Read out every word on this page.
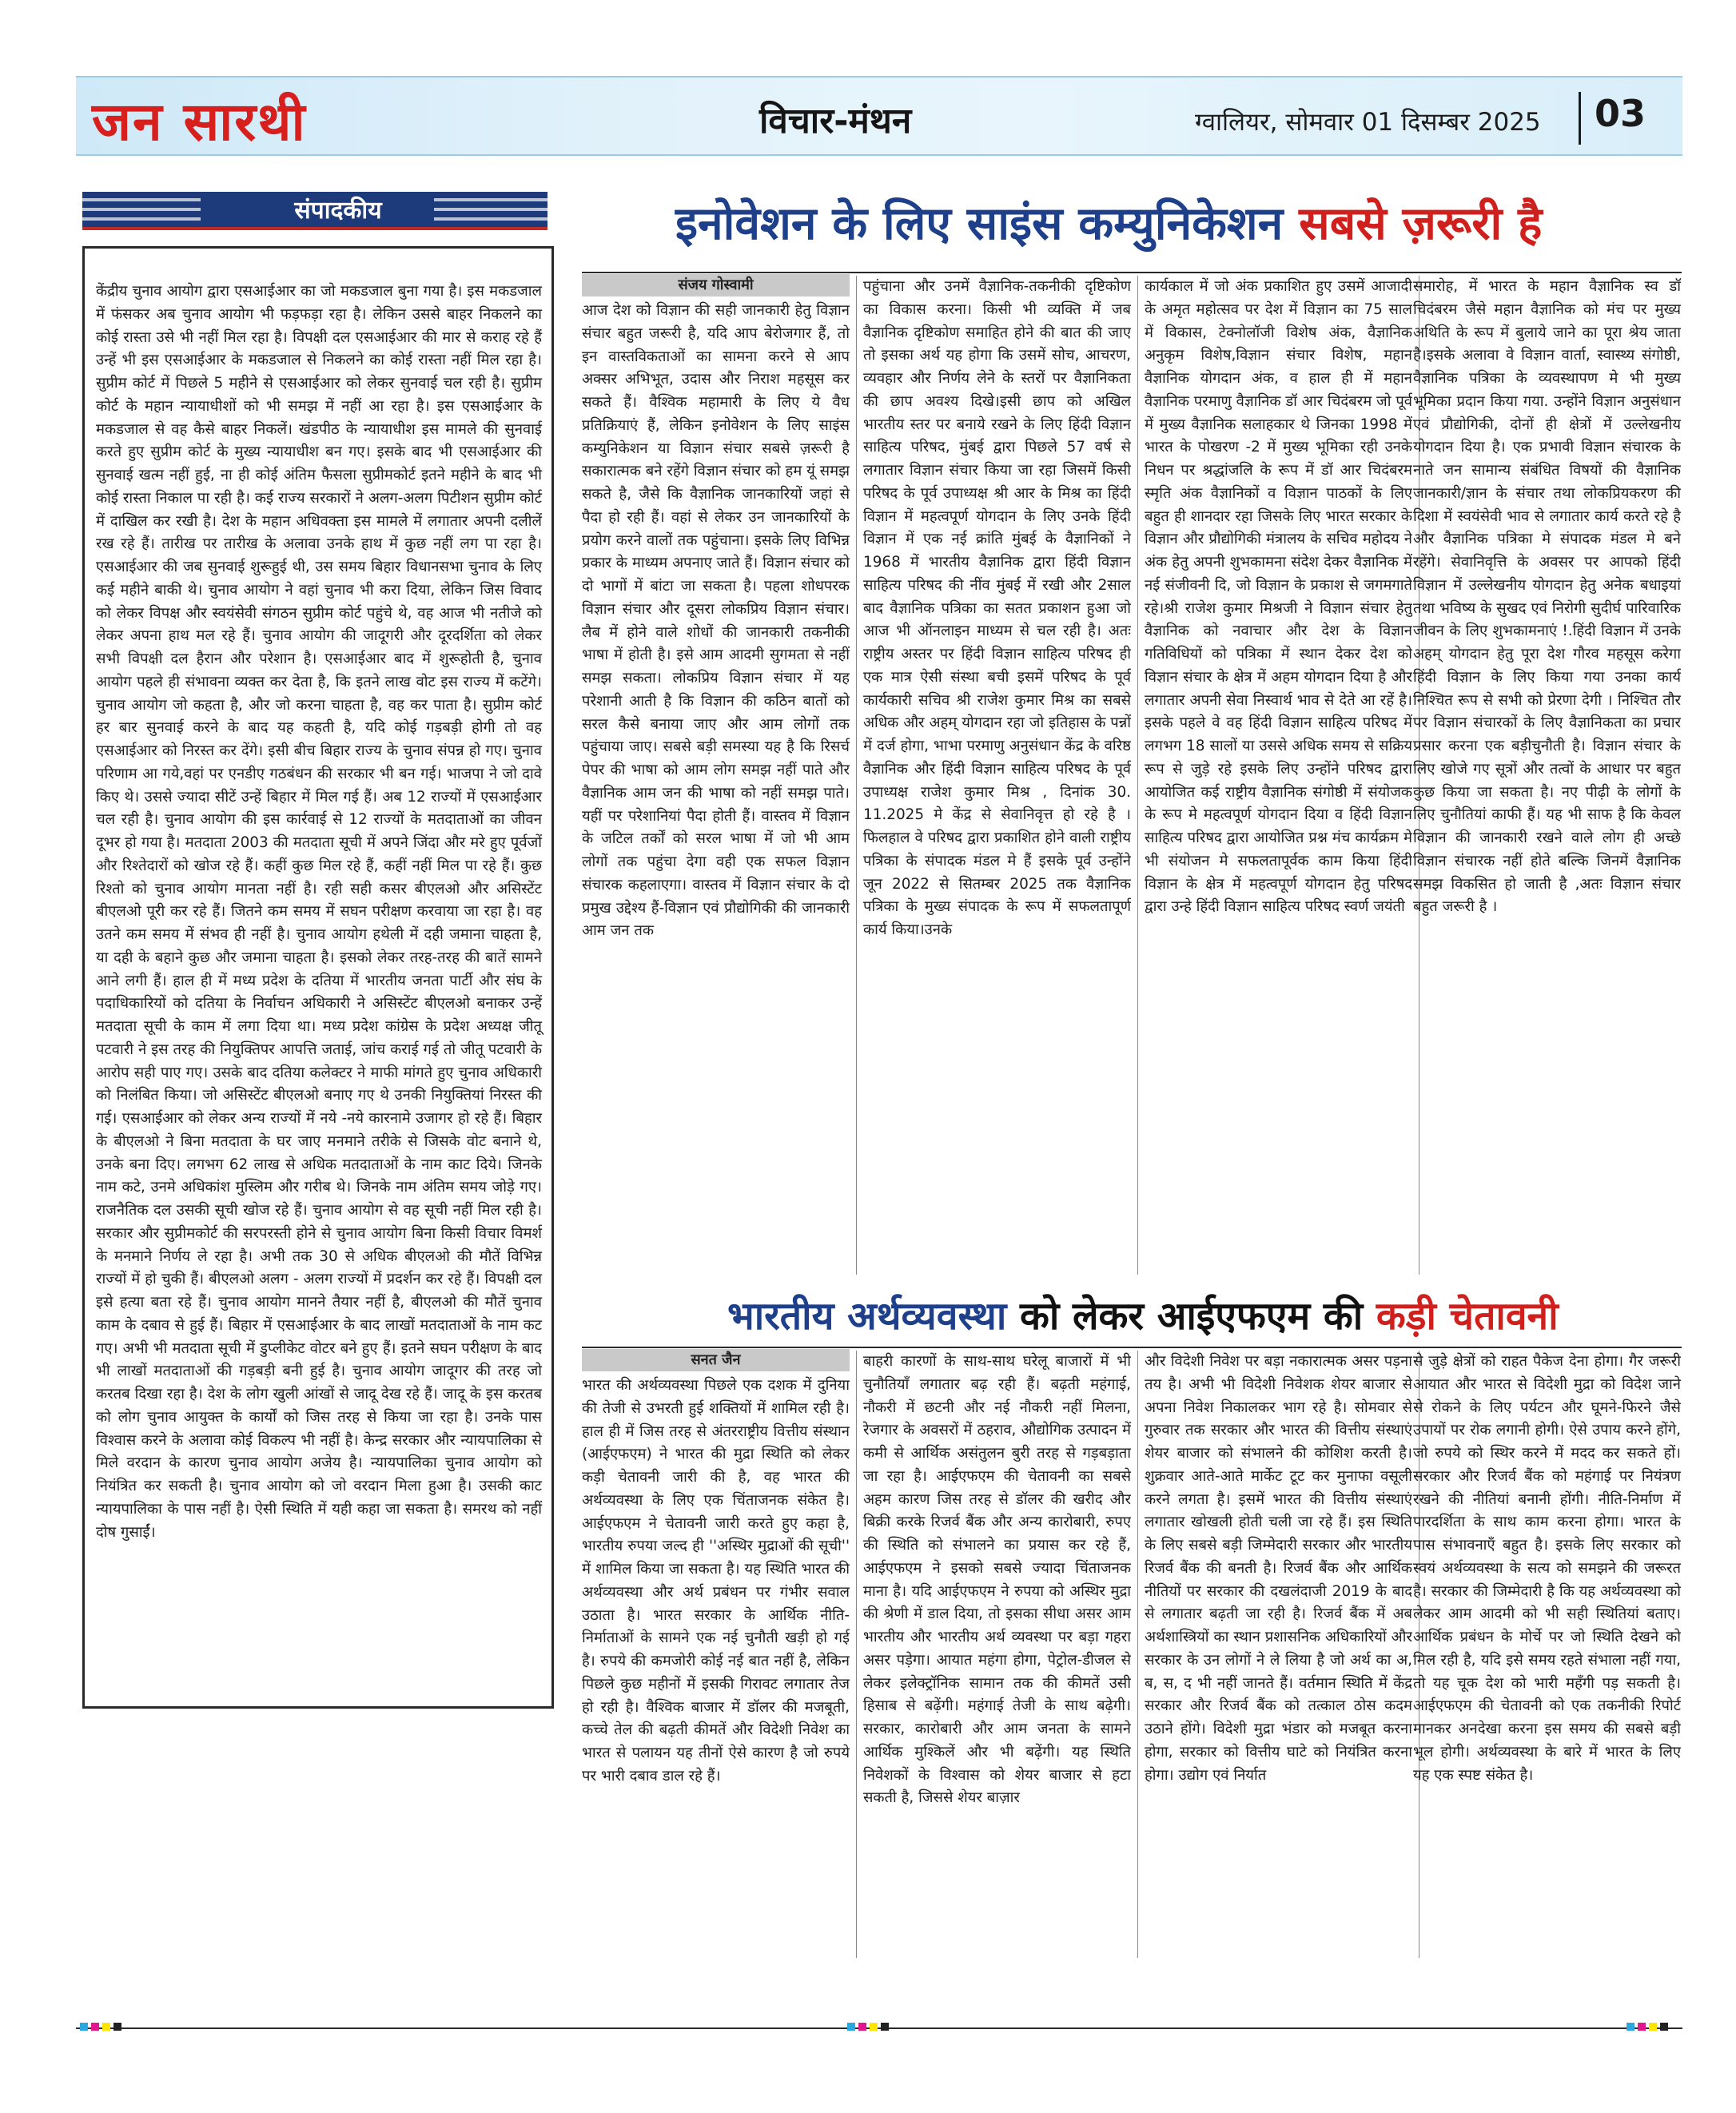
जन सारथी	विचार-मंथन	ग्वालियर, सोमवार 01 दिसम्बर 2025 03
संपादकीय

केंद्रीय चुनाव आयोग द्वारा एसआईआर का जो मकडजाल बुना गया है। इस मकडजाल में फंसकर अब चुनाव आयोग भी फड़फड़ा रहा है। लेकिन उससे बाहर निकलने का कोई रास्ता उसे भी नहीं मिल रहा है। विपक्षी दल एसआईआर की मार से कराह रहे हैं उन्हें भी इस एसआईआर के मकडजाल से निकलने का कोई रास्ता नहीं मिल रहा है। सुप्रीम कोर्ट में पिछले 5 महीने से एसआईआर को लेकर सुनवाई चल रही है। सुप्रीम कोर्ट के महान न्यायाधीशों को भी समझ में नहीं आ रहा है। इस एसआईआर के मकडजाल से वह कैसे बाहर निकलें। खंडपीठ के न्यायाधीश इस मामले की सुनवाई करते हुए सुप्रीम कोर्ट के मुख्य न्यायाधीश बन गए। इसके बाद भी एसआईआर की सुनवाई खत्म नहीं हुई, ना ही कोई अंतिम फैसला सुप्रीमकोर्ट इतने महीने के बाद भी कोई रास्ता निकाल पा रही है। कई राज्य सरकारों ने अलग-अलग पिटीशन सुप्रीम कोर्ट में दाखिल कर रखी है। देश के महान अधिवक्ता इस मामले में लगातार अपनी दलीलें रख रहे हैं। तारीख पर तारीख के अलावा उनके हाथ में कुछ नहीं लग पा रहा है। एसआईआर की जब सुनवाई शुरूहुई थी, उस समय बिहार विधानसभा चुनाव के लिए कई महीने बाकी थे। चुनाव आयोग ने वहां चुनाव भी करा दिया, लेकिन जिस विवाद को लेकर विपक्ष और स्वयंसेवी संगठन सुप्रीम कोर्ट पहुंचे थे, वह आज भी नतीजे को लेकर अपना हाथ मल रहे हैं। चुनाव आयोग की जादूगरी और दूरदर्शिता को लेकर सभी विपक्षी दल हैरान और परेशान है। एसआईआर बाद में शुरूहोती है, चुनाव आयोग पहले ही संभावना व्यक्त कर देता है, कि इतने लाख वोट इस राज्य में कटेंगे। चुनाव आयोग जो कहता है, और जो करना चाहता है, वह कर पाता है। सुप्रीम कोर्ट हर बार सुनवाई करने के बाद यह कहती है, यदि कोई गड़बड़ी होगी तो वह एसआईआर को निरस्त कर देंगे। इसी बीच बिहार राज्य के चुनाव संपन्न हो गए। चुनाव परिणाम आ गये,वहां पर एनडीए गठबंधन की सरकार भी बन गई। भाजपा ने जो दावे किए थे। उससे ज्यादा सीटें उन्हें बिहार में मिल गई हैं। अब 12 राज्यों में एसआईआर चल रही है। चुनाव आयोग की इस कार्रवाई से 12 राज्यों के मतदाताओं का जीवन दूभर हो गया है। मतदाता 2003 की मतदाता सूची में अपने जिंदा और मरे हुए पूर्वजों और रिश्तेदारों को खोज रहे हैं। कहीं कुछ मिल रहे हैं, कहीं नहीं मिल पा रहे हैं। कुछ रिश्तो को चुनाव आयोग मानता नहीं है। रही सही कसर बीएलओ और असिस्टेंट बीएलओ पूरी कर रहे हैं। जितने कम समय में सघन परीक्षण करवाया जा रहा है। वह उतने कम समय में संभव ही नहीं है। चुनाव आयोग हथेली में दही जमाना चाहता है, या दही के बहाने कुछ और जमाना चाहता है। इसको लेकर तरह-तरह की बातें सामने आने लगी हैं। हाल ही में मध्य प्रदेश के दतिया में भारतीय जनता पार्टी और संघ के पदाधिकारियों को दतिया के निर्वाचन अधिकारी ने असिस्टेंट बीएलओ बनाकर उन्हें मतदाता सूची के काम में लगा दिया था। मध्य प्रदेश कांग्रेस के प्रदेश अध्यक्ष जीतू पटवारी ने इस तरह की नियुक्तिपर आपत्ति जताई, जांच कराई गई तो जीतू पटवारी के आरोप सही पाए गए। उसके बाद दतिया कलेक्टर ने माफी मांगते हुए चुनाव अधिकारी को निलंबित किया। जो असिस्टेंट बीएलओ बनाए गए थे उनकी नियुक्तियां निरस्त की गई। एसआईआर को लेकर अन्य राज्यों में नये -नये कारनामे उजागर हो रहे हैं। बिहार के बीएलओ ने बिना मतदाता के घर जाए मनमाने तरीके से जिसके वोट बनाने थे, उनके बना दिए। लगभग 62 लाख से अधिक मतदाताओं के नाम काट दिये। जिनके नाम कटे, उनमे अधिकांश मुस्लिम और गरीब थे। जिनके नाम अंतिम समय जोड़े गए। राजनैतिक दल उसकी सूची खोज रहे हैं। चुनाव आयोग से वह सूची नहीं मिल रही है। सरकार और सुप्रीमकोर्ट की सरपरस्ती होने से चुनाव आयोग बिना किसी विचार विमर्श के मनमाने निर्णय ले रहा है। अभी तक 30 से अधिक बीएलओ की मौतें विभिन्न राज्यों में हो चुकी हैं। बीएलओ अलग - अलग राज्यों में प्रदर्शन कर रहे हैं। विपक्षी दल इसे हत्या बता रहे हैं। चुनाव आयोग मानने तैयार नहीं है, बीएलओ की मौतें चुनाव काम के दबाव से हुई हैं। बिहार में एसआईआर के बाद लाखों मतदाताओं के नाम कट गए। अभी भी मतदाता सूची में डुप्लीकेट वोटर बने हुए हैं। इतने सघन परीक्षण के बाद भी लाखों मतदाताओं की गड़बड़ी बनी हुई है। चुनाव आयोग जादूगर की तरह जो करतब दिखा रहा है। देश के लोग खुली आंखों से जादू देख रहे हैं। जादू के इस करतब को लोग चुनाव आयुक्त के कार्यों को जिस तरह से किया जा रहा है। उनके पास विश्वास करने के अलावा कोई विकल्प भी नहीं है। केन्द्र सरकार और न्यायपालिका से मिले वरदान के कारण चुनाव आयोग अजेय है। न्यायपालिका चुनाव आयोग को नियंत्रित कर सकती है। चुनाव आयोग को जो वरदान मिला हुआ है। उसकी काट न्यायपालिका के पास नहीं है। ऐसी स्थिति में यही कहा जा सकता है। समरथ को नहीं दोष गुसाईं।

इनोवेशन के लिए साइंस कम्युनिकेशन सबसे ज़रूरी है
संजय गोस्वामी
आज देश को विज्ञान की सही जानकारी हेतु विज्ञान संचार बहुत जरूरी है, यदि आप बेरोजगार हैं, तो इन वास्तविकताओं का सामना करने से आप अक्सर अभिभूत, उदास और निराश महसूस कर सकते हैं। वैश्विक महामारी के लिए ये वैध प्रतिक्रियाएं हैं, लेकिन इनोवेशन के लिए साइंस कम्युनिकेशन या विज्ञान संचार सबसे ज़रूरी है सकारात्मक बने रहेंगे विज्ञान संचार को हम यूं समझ सकते है, जैसे कि वैज्ञानिक जानकारियों जहां से पैदा हो रही हैं। वहां से लेकर उन जानकारियों के प्रयोग करने वालों तक पहुंचाना। इसके लिए विभिन्न प्रकार के माध्यम अपनाए जाते हैं। विज्ञान संचार को दो भागों में बांटा जा सकता है। पहला शोधपरक विज्ञान संचार और दूसरा लोकप्रिय विज्ञान संचार। लैब में होने वाले शोधों की जानकारी तकनीकी भाषा में होती है। इसे आम आदमी सुगमता से नहीं समझ सकता। लोकप्रिय विज्ञान संचार में यह परेशानी आती है कि विज्ञान की कठिन बातों को सरल कैसे बनाया जाए और आम लोगों तक पहुंचाया जाए। सबसे बड़ी समस्या यह है कि रिसर्च पेपर की भाषा को आम लोग समझ नहीं पाते और वैज्ञानिक आम जन की भाषा को नहीं समझ पाते। यहीं पर परेशानियां पैदा होती हैं। वास्तव में विज्ञान के जटिल तर्कों को सरल भाषा में जो भी आम लोगों तक पहुंचा देगा वही एक सफल विज्ञान संचारक कहलाएगा। वास्तव में विज्ञान संचार के दो प्रमुख उद्देश्य हैं-विज्ञान एवं प्रौद्योगिकी की जानकारी आम जन तक
पहुंचाना और उनमें वैज्ञानिक-तकनीकी दृष्टिकोण का विकास करना। किसी भी व्यक्ति में जब वैज्ञानिक दृष्टिकोण समाहित होने की बात की जाए तो इसका अर्थ यह होगा कि उसमें सोच, आचरण, व्यवहार और निर्णय लेने के स्तरों पर वैज्ञानिकता की छाप अवश्य दिखे।इसी छाप को अखिल भारतीय स्तर पर बनाये रखने के लिए हिंदी विज्ञान साहित्य परिषद, मुंबई द्वारा पिछले 57 वर्ष से लगातार विज्ञान संचार किया जा रहा जिसमें किसी परिषद के पूर्व उपाध्यक्ष श्री आर के मिश्र का हिंदी विज्ञान में महत्वपूर्ण योगदान के लिए उनके हिंदी विज्ञान में एक नई क्रांति मुंबई के वैज्ञानिकों ने 1968 में भारतीय वैज्ञानिक द्वारा हिंदी विज्ञान साहित्य परिषद की नींव मुंबई में रखी और 2साल बाद वैज्ञानिक पत्रिका का सतत प्रकाशन हुआ जो आज भी ऑनलाइन माध्यम से चल रही है। अतः राष्ट्रीय अस्तर पर हिंदी विज्ञान साहित्य परिषद ही एक मात्र ऐसी संस्था बची इसमें परिषद के पूर्व कार्यकारी सचिव श्री राजेश कुमार मिश्र का सबसे अधिक और अहम् योगदान रहा जो इतिहास के पन्नों में दर्ज होगा, भाभा परमाणु अनुसंधान केंद्र के वरिष्ठ वैज्ञानिक और हिंदी विज्ञान साहित्य परिषद के पूर्व उपाध्यक्ष राजेश कुमार मिश्र , दिनांक 30. 11.2025 मे केंद्र से सेवानिवृत्त हो रहे है । फिलहाल वे परिषद द्वारा प्रकाशित होने वाली राष्ट्रीय पत्रिका के संपादक मंडल मे हैं इसके पूर्व उन्होंने जून 2022 से सितम्बर 2025 तक वैज्ञानिक पत्रिका के मुख्य संपादक के रूप में सफलतापूर्ण कार्य किया।उनके
कार्यकाल में जो अंक प्रकाशित हुए उसमें आजादी के अमृत महोत्सव पर देश में विज्ञान का 75 साल में विकास, टेक्नोलॉजी विशेष अंक, वैज्ञानिक अनुकृम विशेष,विज्ञान संचार विशेष, महान वैज्ञानिक योगदान अंक, व हाल ही में महान वैज्ञानिक परमाणु वैज्ञानिक डॉ आर चिदंबरम जो पूर्व में मुख्य वैज्ञानिक सलाहकार थे जिनका 1998 में भारत के पोखरण -2 में मुख्य भूमिका रही उनके निधन पर श्रद्धांजलि के रूप में डॉ आर चिदंबरम स्मृति अंक वैज्ञानिकों व विज्ञान पाठकों के लिए बहुत ही शानदार रहा जिसके लिए भारत सरकार के विज्ञान और प्रौद्योगिकी मंत्रालय के सचिव महोदय ने अंक हेतु अपनी शुभकामना संदेश देकर वैज्ञानिक में नई संजीवनी दि, जो विज्ञान के प्रकाश से जगमगाते रहे।श्री राजेश कुमार मिश्रजी ने विज्ञान संचार हेतु वैज्ञानिक को नवाचार और देश के विज्ञान गतिविधियों को पत्रिका में स्थान देकर देश को विज्ञान संचार के क्षेत्र में अहम योगदान दिया है और लगातार अपनी सेवा निस्वार्थ भाव से देते आ रहें है।इसके पहले वे वह हिंदी विज्ञान साहित्य परिषद में लगभग 18 सालों या उससे अधिक समय से सक्रिय रूप से जुड़े रहे इसके लिए उन्होंने परिषद द्वारा आयोजित कई राष्ट्रीय वैज्ञानिक संगोष्ठी में संयोजक के रूप मे महत्वपूर्ण योगदान दिया व हिंदी विज्ञान साहित्य परिषद द्वारा आयोजित प्रश्न मंच कार्यक्रम मे भी संयोजन मे सफलतापूर्वक काम किया हिंदी विज्ञान के क्षेत्र में महत्वपूर्ण योगदान हेतु परिषद द्वारा उन्हे हिंदी विज्ञान साहित्य परिषद स्वर्ण जयंती
समारोह, में भारत के महान वैज्ञानिक स्व डॉ चिदंबरम जैसे महान वैज्ञानिक को मंच पर मुख्य अथिति के रूप में बुलाये जाने का पूरा श्रेय जाता है।इसके अलावा वे विज्ञान वार्ता, स्वास्थ्य संगोष्ठी, वैज्ञानिक पत्रिका के व्यवस्थापण मे भी मुख्य भूमिका प्रदान किया गया. उन्होंने विज्ञान अनुसंधान एवं प्रौद्योगिकी, दोनों ही क्षेत्रों में उल्लेखनीय योगदान दिया है। एक प्रभावी विज्ञान संचारक के नाते जन सामान्य संबंधित विषयों की वैज्ञानिक जानकारी/ज्ञान के संचार तथा लोकप्रियकरण की दिशा में स्वयंसेवी भाव से लगातार कार्य करते रहे है और वैज्ञानिक पत्रिका मे संपादक मंडल मे बने रहेंगे। सेवानिवृत्ति के अवसर पर आपको हिंदी विज्ञान में उल्लेखनीय योगदान हेतु अनेक बधाइयां तथा भविष्य के सुखद एवं निरोगी सुदीर्घ पारिवारिक जीवन के लिए शुभकामनाएं !.हिंदी विज्ञान में उनके अहम् योगदान हेतु पूरा देश गौरव महसूस करेगा हिंदी विज्ञान के लिए किया गया उनका कार्य निश्चित रूप से सभी को प्रेरणा देगी । निश्चित तौर पर विज्ञान संचारकों के लिए वैज्ञानिकता का प्रचार प्रसार करना एक बड़ीचुनौती है। विज्ञान संचार के लिए खोजे गए सूत्रों और तत्वों के आधार पर बहुत कुछ किया जा सकता है। नए पीढ़ी के लोगों के लिए चुनौतियां काफी हैं। यह भी साफ है कि केवल विज्ञान की जानकारी रखने वाले लोग ही अच्छे विज्ञान संचारक नहीं होते बल्कि जिनमें वैज्ञानिक समझ विकसित हो जाती है ,अतः विज्ञान संचार बहुत जरूरी है ।
भारतीय अर्थव्यवस्था को लेकर आईएफएम की कड़ी चेतावनी
सनत जैन
भारत की अर्थव्यवस्था पिछले एक दशक में दुनिया की तेजी से उभरती हुई शक्तियों में शामिल रही है। हाल ही में जिस तरह से अंतरराष्ट्रीय वित्तीय संस्थान (आईएफएम) ने भारत की मुद्रा स्थिति को लेकर कड़ी चेतावनी जारी की है, वह भारत की अर्थव्यवस्था के लिए एक चिंताजनक संकेत है। आईएफएम ने चेतावनी जारी करते हुए कहा है, भारतीय रुपया जल्द ही ''अस्थिर मुद्राओं की सूची'' में शामिल किया जा सकता है। यह स्थिति भारत की अर्थव्यवस्था और अर्थ प्रबंधन पर गंभीर सवाल उठाता है। भारत सरकार के आर्थिक नीति-निर्माताओं के सामने एक नई चुनौती खड़ी हो गई है। रुपये की कमजोरी कोई नई बात नहीं है, लेकिन पिछले कुछ महीनों में इसकी गिरावट लगातार तेज हो रही है। वैश्विक बाजार में डॉलर की मजबूती, कच्चे तेल की बढ़ती कीमतें और विदेशी निवेश का भारत से पलायन यह तीनों ऐसे कारण है जो रुपये पर भारी दबाव डाल रहे हैं।
बाहरी कारणों के साथ-साथ घरेलू बाजारों में भी चुनौतियाँ लगातार बढ़ रही हैं। बढ़ती महंगाई, नौकरी में छटनी और नई नौकरी नहीं मिलना, रेजगार के अवसरों में ठहराव, औद्योगिक उत्पादन में कमी से आर्थिक असंतुलन बुरी तरह से गड़बड़ाता जा रहा है। आईएफएम की चेतावनी का सबसे अहम कारण जिस तरह से डॉलर की खरीद और बिक्री करके रिजर्व बैंक और अन्य कारोबारी, रुपए की स्थिति को संभालने का प्रयास कर रहे हैं, आईएफएम ने इसको सबसे ज्यादा चिंताजनक माना है। यदि आईएफएम ने रुपया को अस्थिर मुद्रा की श्रेणी में डाल दिया, तो इसका सीधा असर आम भारतीय और भारतीय अर्थ व्यवस्था पर बड़ा गहरा असर पड़ेगा। आयात महंगा होगा, पेट्रोल-डीजल से लेकर इलेक्ट्रॉनिक सामान तक की कीमतें उसी हिसाब से बढ़ेंगी। महंगाई तेजी के साथ बढ़ेगी। सरकार, कारोबारी और आम जनता के सामने आर्थिक मुश्किलें और भी बढ़ेंगी। यह स्थिति निवेशकों के विश्वास को शेयर बाजार से हटा सकती है, जिससे शेयर बाज़ार
और विदेशी निवेश पर बड़ा नकारात्मक असर पड़ना तय है। अभी भी विदेशी निवेशक शेयर बाजार से अपना निवेश निकालकर भाग रहे है। सोमवार से गुरुवार तक सरकार और भारत की वित्तीय संस्थाएं शेयर बाजार को संभालने की कोशिश करती है। शुक्रवार आते-आते मार्केट टूट कर मुनाफा वसूली करने लगता है। इसमें भारत की वित्तीय संस्थाएं लगातार खोखली होती चली जा रहे हैं। इस स्थिति के लिए सबसे बड़ी जिम्मेदारी सरकार और भारतीय रिजर्व बैंक की बनती है। रिजर्व बैंक और आर्थिक नीतियों पर सरकार की दखलंदाजी 2019 के बाद से लगातार बढ़ती जा रही है। रिजर्व बैंक में अब अर्थशास्त्रियों का स्थान प्रशासनिक अधिकारियों और सरकार के उन लोगों ने ले लिया है जो अर्थ का अ, ब, स, द भी नहीं जानते हैं। वर्तमान स्थिति में केंद्र सरकार और रिजर्व बैंक को तत्काल ठोस कदम उठाने होंगे। विदेशी मुद्रा भंडार को मजबूत करना होगा, सरकार को वित्तीय घाटे को नियंत्रित करना होगा। उद्योग एवं निर्यात
से जुड़े क्षेत्रों को राहत पैकेज देना होगा। गैर जरूरी आयात और भारत से विदेशी मुद्रा को विदेश जाने से रोकने के लिए पर्यटन और घूमने-फिरने जैसे उपायों पर रोक लगानी होगी। ऐसे उपाय करने होंगे, जो रुपये को स्थिर करने में मदद कर सकते हों। सरकार और रिजर्व बैंक को महंगाई पर नियंत्रण रखने की नीतियां बनानी होंगी। नीति-निर्माण में पारदर्शिता के साथ काम करना होगा। भारत के पास संभावनाएँ बहुत है। इसके लिए सरकार को स्वयं अर्थव्यवस्था के सत्य को समझने की जरूरत है। सरकार की जिम्मेदारी है कि यह अर्थव्यवस्था को लेकर आम आदमी को भी सही स्थितियां बताए। आर्थिक प्रबंधन के मोर्चे पर जो स्थिति देखने को मिल रही है, यदि इसे समय रहते संभाला नहीं गया, तो यह चूक देश को भारी महँगी पड़ सकती है। आईएफएम की चेतावनी को एक तकनीकी रिपोर्ट मानकर अनदेखा करना इस समय की सबसे बड़ी भूल होगी। अर्थव्यवस्था के बारे में भारत के लिए यह एक स्पष्ट संकेत है।
